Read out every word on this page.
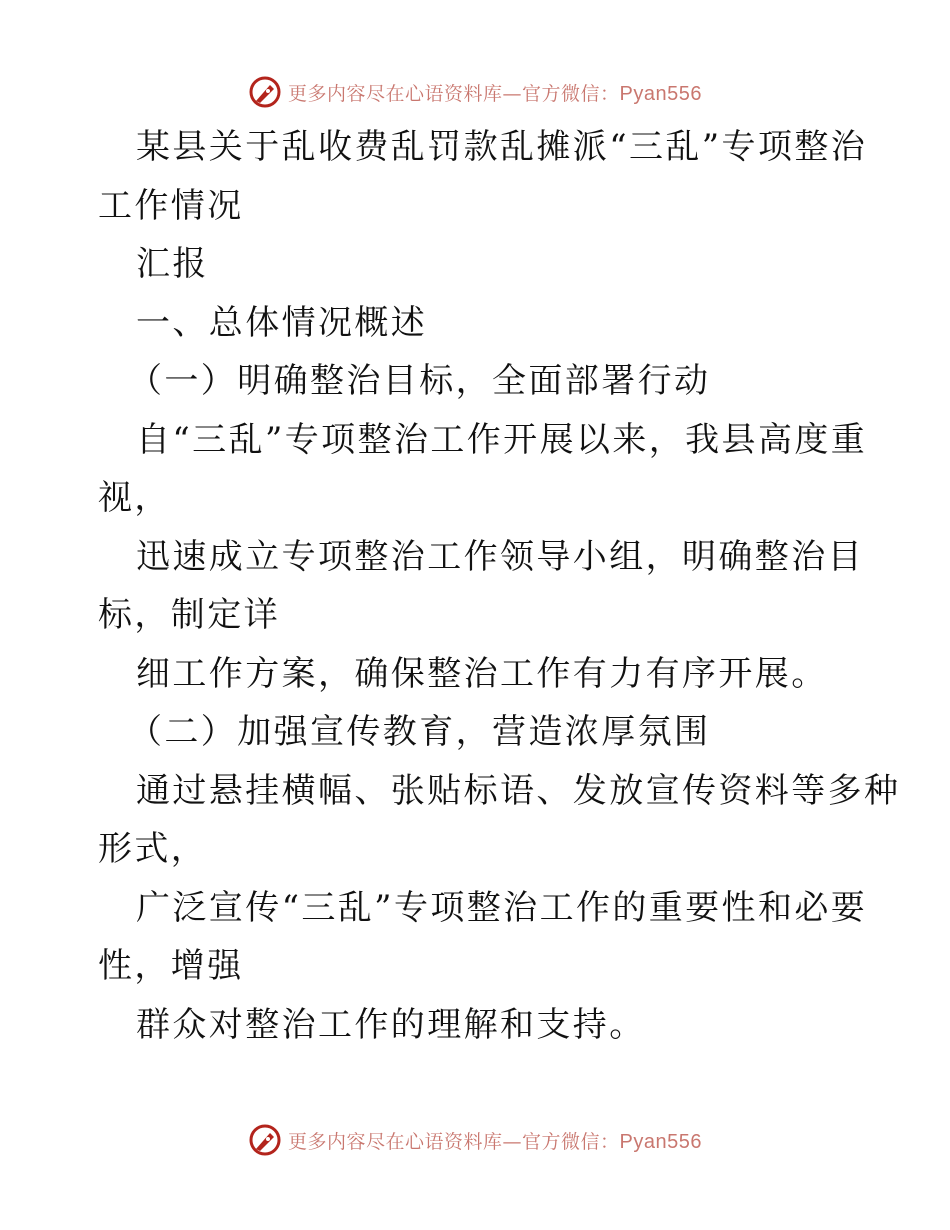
更多内容尽在心语资料库—官方微信：Pyan556
某县关于乱收费乱罚款乱摊派“三乱”专项整治
工作情况
汇报
一、总体情况概述
（一）明确整治目标，全面部署行动
自“三乱”专项整治工作开展以来，我县高度重
视，
迅速成立专项整治工作领导小组，明确整治目
标，制定详
细工作方案，确保整治工作有力有序开展。
（二）加强宣传教育，营造浓厚氛围
通过悬挂横幅、张贴标语、发放宣传资料等多种
形式，
广泛宣传“三乱”专项整治工作的重要性和必要
性，增强
群众对整治工作的理解和支持。
更多内容尽在心语资料库—官方微信：Pyan556
